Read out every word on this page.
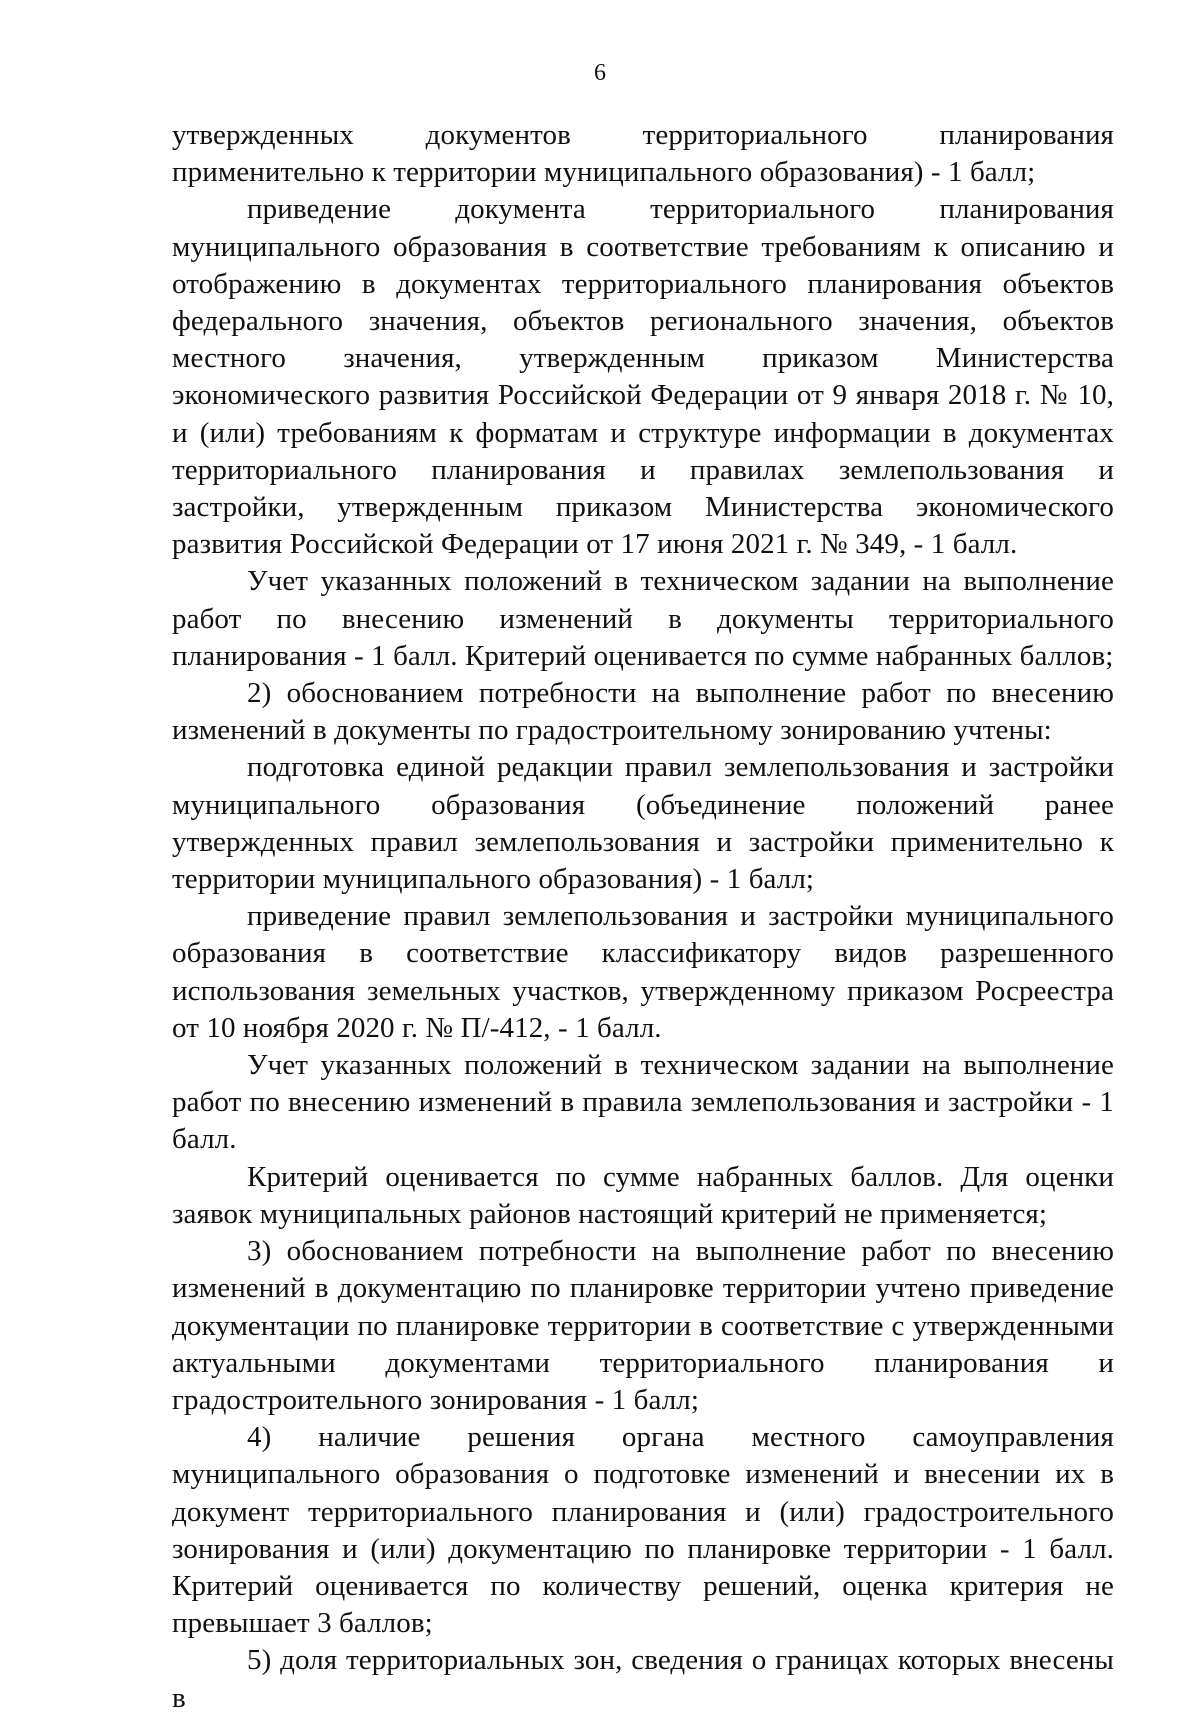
6

утвержденных документов территориального планирования применительно к территории муниципального образования) - 1 балл;

приведение документа территориального планирования муниципального образования в соответствие требованиям к описанию и отображению в документах территориального планирования объектов федерального значения, объектов регионального значения, объектов местного значения, утвержденным приказом Министерства экономического развития Российской Федерации от 9 января 2018 г. № 10, и (или) требованиям к форматам и структуре информации в документах территориального планирования и правилах землепользования и застройки, утвержденным приказом Министерства экономического развития Российской Федерации от 17 июня 2021 г. № 349, - 1 балл.

Учет указанных положений в техническом задании на выполнение работ по внесению изменений в документы территориального планирования - 1 балл. Критерий оценивается по сумме набранных баллов;

2) обоснованием потребности на выполнение работ по внесению изменений в документы по градостроительному зонированию учтены:

подготовка единой редакции правил землепользования и застройки муниципального образования (объединение положений ранее утвержденных правил землепользования и застройки применительно к территории муниципального образования) - 1 балл;

приведение правил землепользования и застройки муниципального образования в соответствие классификатору видов разрешенного использования земельных участков, утвержденному приказом Росреестра от 10 ноября 2020 г. № П/-412, - 1 балл.

Учет указанных положений в техническом задании на выполнение работ по внесению изменений в правила землепользования и застройки - 1 балл.

Критерий оценивается по сумме набранных баллов. Для оценки заявок муниципальных районов настоящий критерий не применяется;

3) обоснованием потребности на выполнение работ по внесению изменений в документацию по планировке территории учтено приведение документации по планировке территории в соответствие с утвержденными актуальными документами территориального планирования и градостроительного зонирования - 1 балл;

4) наличие решения органа местного самоуправления муниципального образования о подготовке изменений и внесении их в документ территориального планирования и (или) градостроительного зонирования и (или) документацию по планировке территории - 1 балл. Критерий оценивается по количеству решений, оценка критерия не превышает 3 баллов;

5) доля территориальных зон, сведения о границах которых внесены в
